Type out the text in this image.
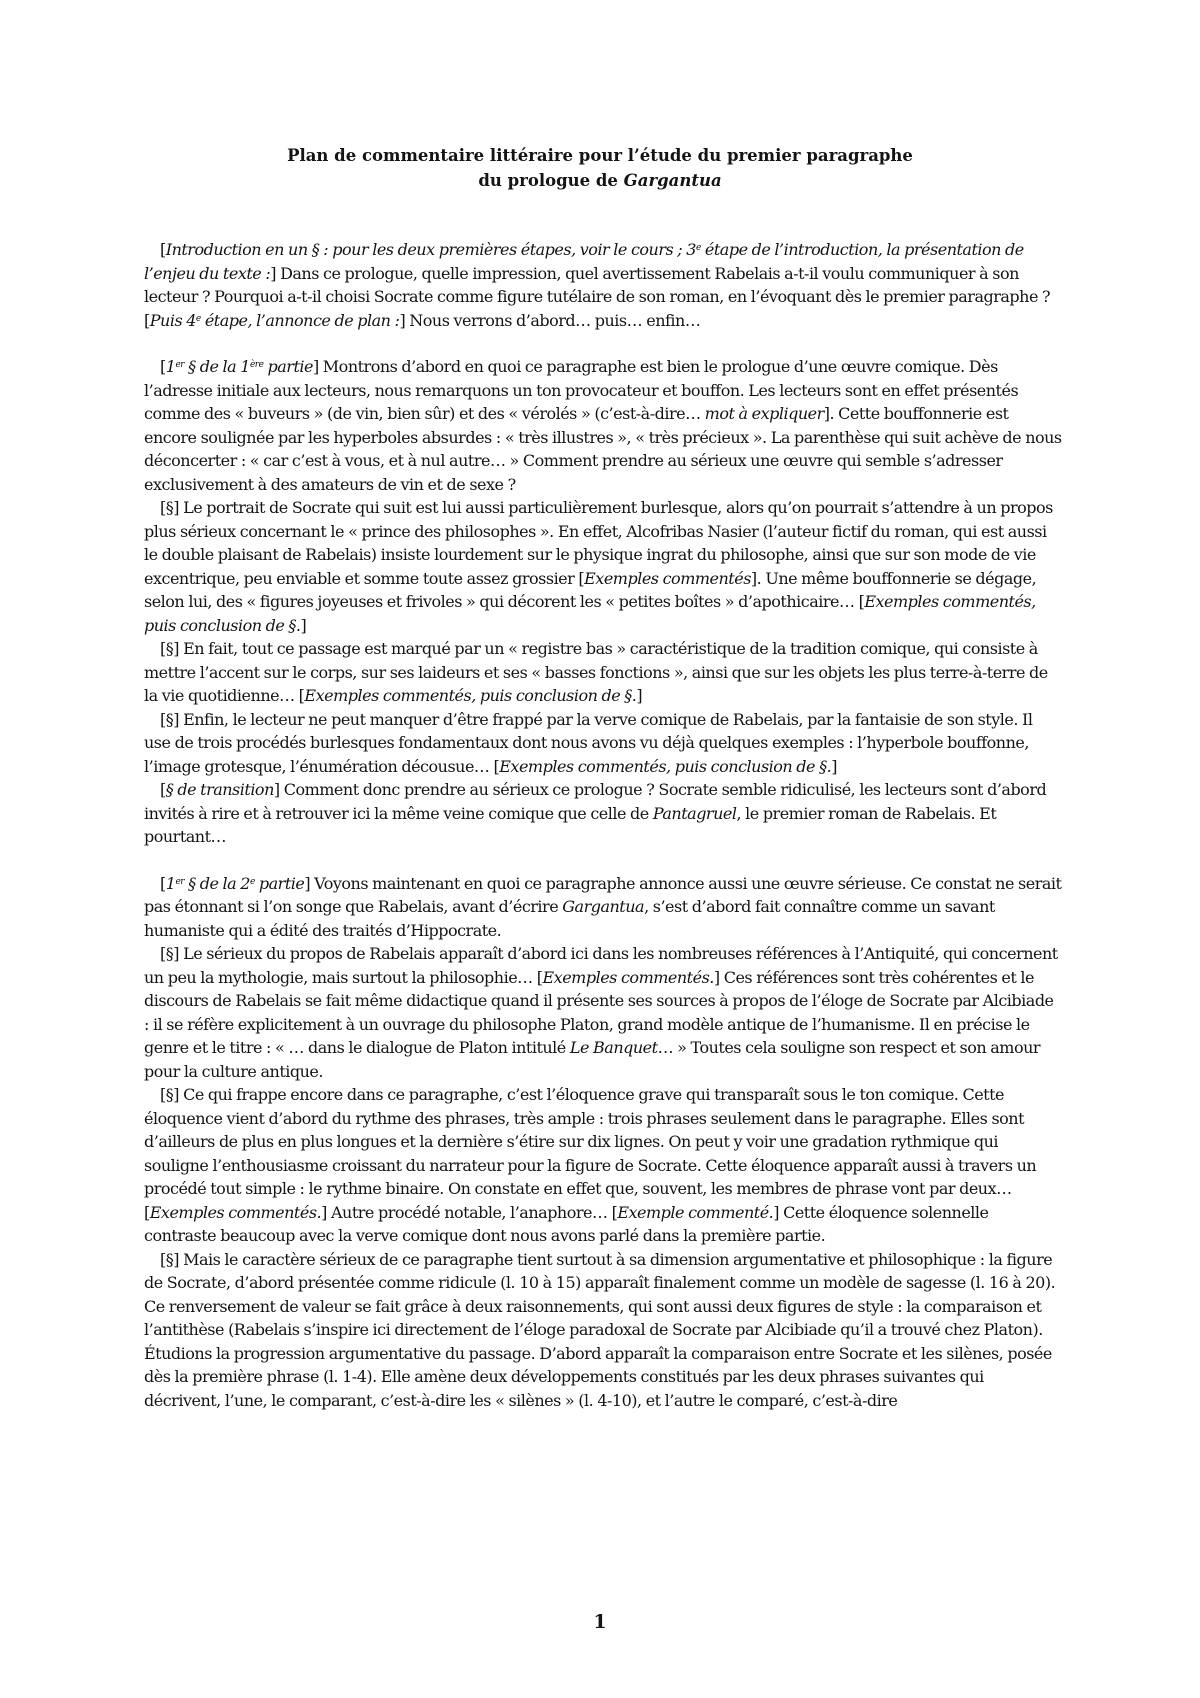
Plan de commentaire littéraire pour l’étude du premier paragraphe
du prologue de Gargantua

[Introduction en un § : pour les deux premières étapes, voir le cours ; 3e étape de l’introduction, la présentation de l’enjeu du texte :] Dans ce prologue, quelle impression, quel avertissement Rabelais a-t-il voulu communiquer à son lecteur ? Pourquoi a-t-il choisi Socrate comme figure tutélaire de son roman, en l’évoquant dès le premier paragraphe ? [Puis 4e étape, l’annonce de plan :] Nous verrons d’abord… puis… enfin…

[1er § de la 1ère partie] Montrons d’abord en quoi ce paragraphe est bien le prologue d’une œuvre comique. Dès l’adresse initiale aux lecteurs, nous remarquons un ton provocateur et bouffon. Les lecteurs sont en effet présentés comme des « buveurs » (de vin, bien sûr) et des « vérolés » (c’est-à-dire… mot à expliquer]. Cette bouffonnerie est encore soulignée par les hyperboles absurdes : « très illustres », « très précieux ». La parenthèse qui suit achève de nous déconcerter : « car c’est à vous, et à nul autre… » Comment prendre au sérieux une œuvre qui semble s’adresser exclusivement à des amateurs de vin et de sexe ?

[§] Le portrait de Socrate qui suit est lui aussi particulièrement burlesque, alors qu’on pourrait s’attendre à un propos plus sérieux concernant le « prince des philosophes ». En effet, Alcofribas Nasier (l’auteur fictif du roman, qui est aussi le double plaisant de Rabelais) insiste lourdement sur le physique ingrat du philosophe, ainsi que sur son mode de vie excentrique, peu enviable et somme toute assez grossier [Exemples commentés]. Une même bouffonnerie se dégage, selon lui, des « figures joyeuses et frivoles » qui décorent les « petites boîtes » d’apothicaire… [Exemples commentés, puis conclusion de §.]

[§] En fait, tout ce passage est marqué par un « registre bas » caractéristique de la tradition comique, qui consiste à mettre l’accent sur le corps, sur ses laideurs et ses « basses fonctions », ainsi que sur les objets les plus terre-à-terre de la vie quotidienne… [Exemples commentés, puis conclusion de §.]

[§] Enfin, le lecteur ne peut manquer d’être frappé par la verve comique de Rabelais, par la fantaisie de son style. Il use de trois procédés burlesques fondamentaux dont nous avons vu déjà quelques exemples : l’hyperbole bouffonne, l’image grotesque, l’énumération décousue… [Exemples commentés, puis conclusion de §.]

[§ de transition] Comment donc prendre au sérieux ce prologue ? Socrate semble ridiculisé, les lecteurs sont d’abord invités à rire et à retrouver ici la même veine comique que celle de Pantagruel, le premier roman de Rabelais. Et pourtant…

[1er § de la 2e partie] Voyons maintenant en quoi ce paragraphe annonce aussi une œuvre sérieuse. Ce constat ne serait pas étonnant si l’on songe que Rabelais, avant d’écrire Gargantua, s’est d’abord fait connaître comme un savant humaniste qui a édité des traités d’Hippocrate.

[§] Le sérieux du propos de Rabelais apparaît d’abord ici dans les nombreuses références à l’Antiquité, qui concernent un peu la mythologie, mais surtout la philosophie… [Exemples commentés.] Ces références sont très cohérentes et le discours de Rabelais se fait même didactique quand il présente ses sources à propos de l’éloge de Socrate par Alcibiade : il se réfère explicitement à un ouvrage du philosophe Platon, grand modèle antique de l’humanisme. Il en précise le genre et le titre : « … dans le dialogue de Platon intitulé Le Banquet… » Toutes cela souligne son respect et son amour pour la culture antique.

[§] Ce qui frappe encore dans ce paragraphe, c’est l’éloquence grave qui transparaît sous le ton comique. Cette éloquence vient d’abord du rythme des phrases, très ample : trois phrases seulement dans le paragraphe. Elles sont d’ailleurs de plus en plus longues et la dernière s’étire sur dix lignes. On peut y voir une gradation rythmique qui souligne l’enthousiasme croissant du narrateur pour la figure de Socrate. Cette éloquence apparaît aussi à travers un procédé tout simple : le rythme binaire. On constate en effet que, souvent, les membres de phrase vont par deux… [Exemples commentés.] Autre procédé notable, l’anaphore… [Exemple commenté.] Cette éloquence solennelle contraste beaucoup avec la verve comique dont nous avons parlé dans la première partie.

[§] Mais le caractère sérieux de ce paragraphe tient surtout à sa dimension argumentative et philosophique : la figure de Socrate, d’abord présentée comme ridicule (l. 10 à 15) apparaît finalement comme un modèle de sagesse (l. 16 à 20). Ce renversement de valeur se fait grâce à deux raisonnements, qui sont aussi deux figures de style : la comparaison et l’antithèse (Rabelais s’inspire ici directement de l’éloge paradoxal de Socrate par Alcibiade qu’il a trouvé chez Platon). Étudions la progression argumentative du passage. D’abord apparaît la comparaison entre Socrate et les silènes, posée dès la première phrase (l. 1-4). Elle amène deux développements constitués par les deux phrases suivantes qui décrivent, l’une, le comparant, c’est-à-dire les « silènes » (l. 4-10), et l’autre le comparé, c’est-à-dire

1
